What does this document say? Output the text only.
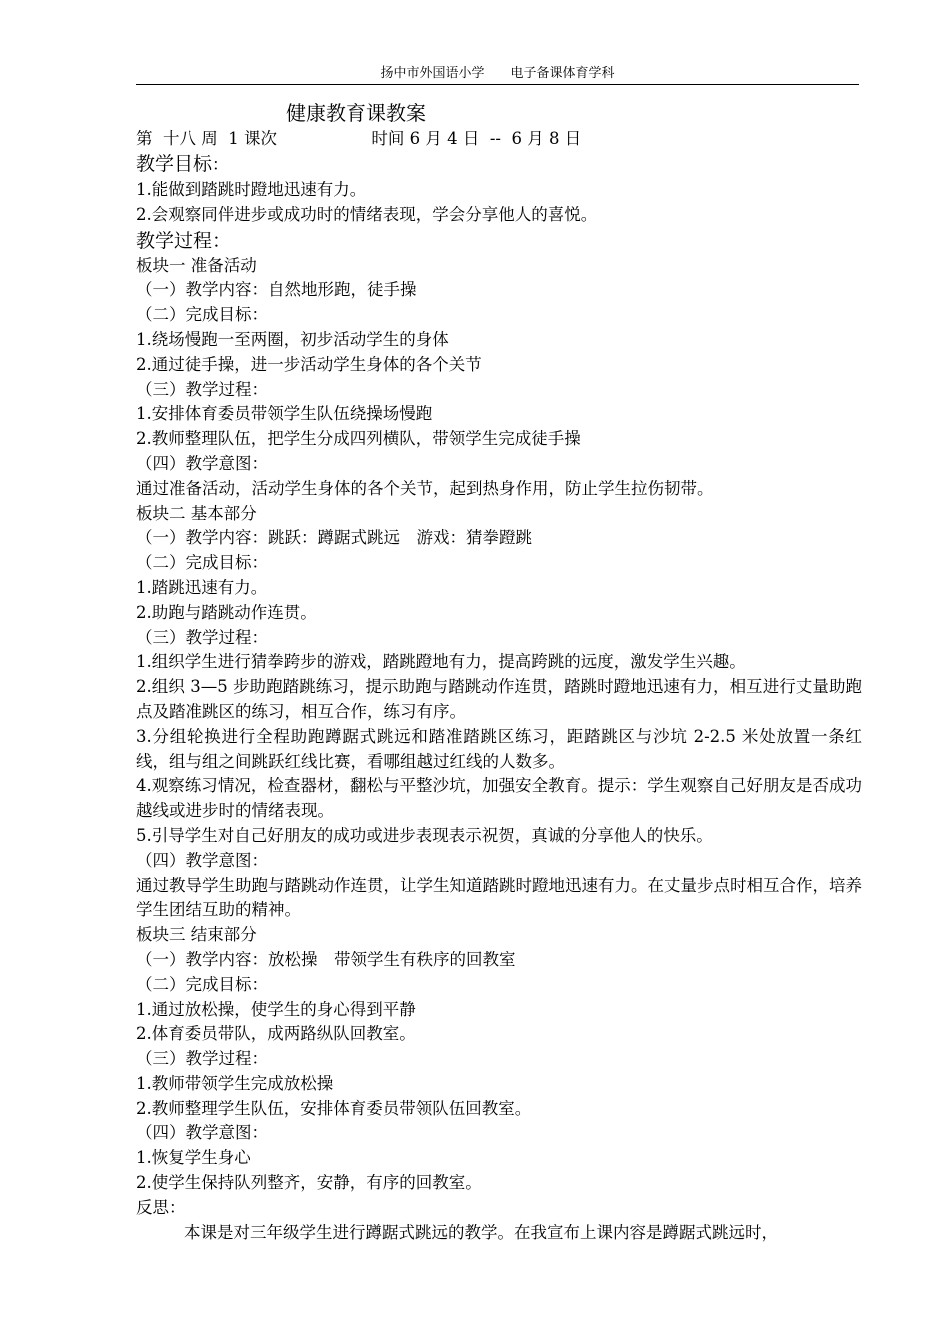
扬中市外国语小学　　电子备课体育学科
健康教育课教案
第  十八 周  1 课次                  时间 6 月 4 日  --  6 月 8 日
教学目标：
1.能做到踏跳时蹬地迅速有力。
2.会观察同伴进步或成功时的情绪表现，学会分享他人的喜悦。
教学过程：
板块一 准备活动
（一）教学内容：自然地形跑，徒手操
（二）完成目标：
1.绕场慢跑一至两圈，初步活动学生的身体
2.通过徒手操，进一步活动学生身体的各个关节
（三）教学过程：
1.安排体育委员带领学生队伍绕操场慢跑
2.教师整理队伍，把学生分成四列横队，带领学生完成徒手操
（四）教学意图：
通过准备活动，活动学生身体的各个关节，起到热身作用，防止学生拉伤韧带。
板块二 基本部分
（一）教学内容：跳跃：蹲踞式跳远　游戏：猜拳蹬跳
（二）完成目标：
1.踏跳迅速有力。
2.助跑与踏跳动作连贯。
（三）教学过程：
1.组织学生进行猜拳跨步的游戏，踏跳蹬地有力，提高跨跳的远度，激发学生兴趣。
2.组织 3—5 步助跑踏跳练习，提示助跑与踏跳动作连贯，踏跳时蹬地迅速有力，相互进行丈量助跑点及踏准跳区的练习，相互合作，练习有序。
3.分组轮换进行全程助跑蹲踞式跳远和踏准踏跳区练习，距踏跳区与沙坑 2-2.5 米处放置一条红线，组与组之间跳跃红线比赛，看哪组越过红线的人数多。
4.观察练习情况，检查器材，翻松与平整沙坑，加强安全教育。提示：学生观察自己好朋友是否成功越线或进步时的情绪表现。
5.引导学生对自己好朋友的成功或进步表现表示祝贺，真诚的分享他人的快乐。
（四）教学意图：
通过教导学生助跑与踏跳动作连贯，让学生知道踏跳时蹬地迅速有力。在丈量步点时相互合作，培养学生团结互助的精神。
板块三 结束部分
（一）教学内容：放松操　带领学生有秩序的回教室
（二）完成目标：
1.通过放松操，使学生的身心得到平静
2.体育委员带队，成两路纵队回教室。
（三）教学过程：
1.教师带领学生完成放松操
2.教师整理学生队伍，安排体育委员带领队伍回教室。
（四）教学意图：
1.恢复学生身心
2.使学生保持队列整齐，安静，有序的回教室。
反思：
本课是对三年级学生进行蹲踞式跳远的教学。在我宣布上课内容是蹲踞式跳远时，
